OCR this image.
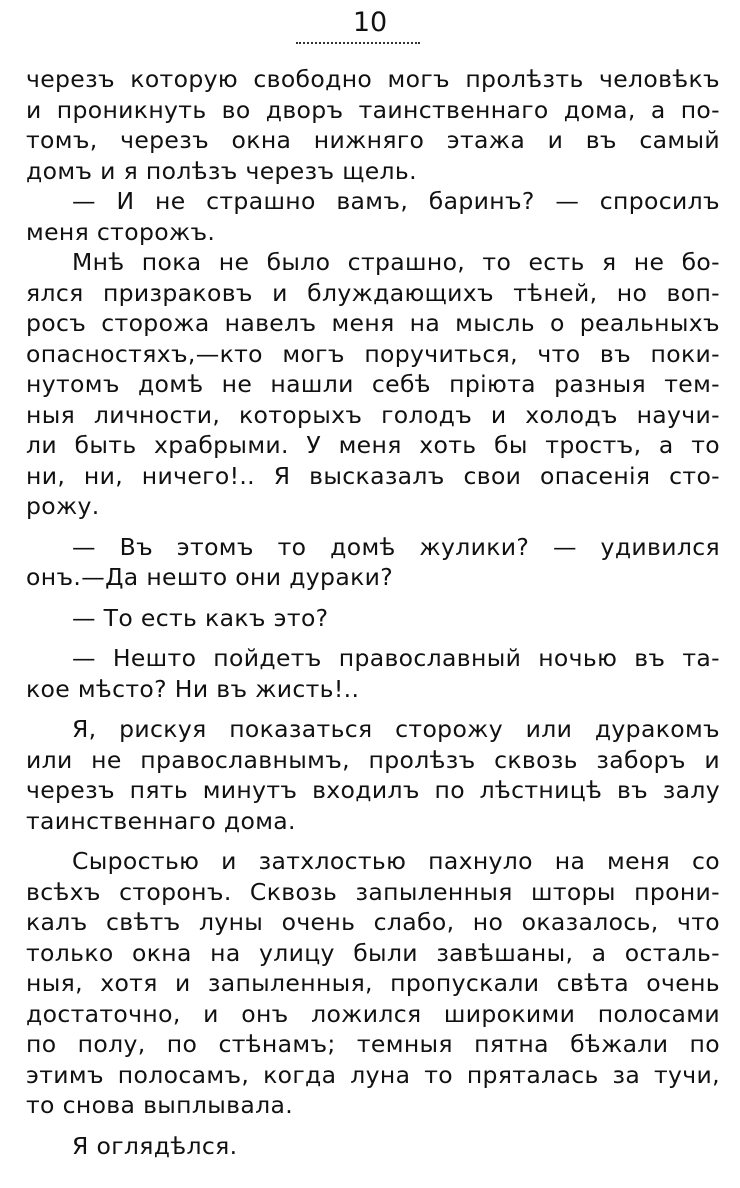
10
черезъ которую свободно могъ пролѣзть человѣкъ
и проникнуть во дворъ таинственнаго дома, а по-
томъ, черезъ окна нижняго этажа и въ самый
домъ и я полѣзъ черезъ щель.
— И не страшно вамъ, баринъ? — спросилъ
меня сторожъ.
Мнѣ пока не было страшно, то есть я не бо-
ялся призраковъ и блуждающихъ тѣней, но воп-
росъ сторожа навелъ меня на мысль о реальныхъ
опасностяхъ,—кто могъ поручиться, что въ поки-
нутомъ домѣ не нашли себѣ прiюта разныя тем-
ныя личности, которыхъ голодъ и холодъ научи-
ли быть храбрыми. У меня хоть бы тростъ, а то
ни, ни, ничего!.. Я высказалъ свои опасенiя сто-
рожу.
— Въ этомъ то домѣ жулики? — удивился
онъ.—Да нешто они дураки?
— То есть какъ это?
— Нешто пойдетъ православный ночью въ та-
кое мѣсто? Ни въ жисть!..
Я, рискуя показаться сторожу или дуракомъ
или не православнымъ, пролѣзъ сквозь заборъ и
черезъ пять минутъ входилъ по лѣстницѣ въ залу
таинственнаго дома.
Сыростью и затхлостью пахнуло на меня со
всѣхъ сторонъ. Сквозь запыленныя шторы прони-
калъ свѣтъ луны очень слабо, но оказалось, что
только окна на улицу были завѣшаны, а осталь-
ныя, хотя и запыленныя, пропускали свѣта очень
достаточно, и онъ ложился широкими полосами
по полу, по стѣнамъ; темныя пятна бѣжали по
этимъ полосамъ, когда луна то пряталась за тучи,
то снова выплывала.
Я оглядѣлся.
